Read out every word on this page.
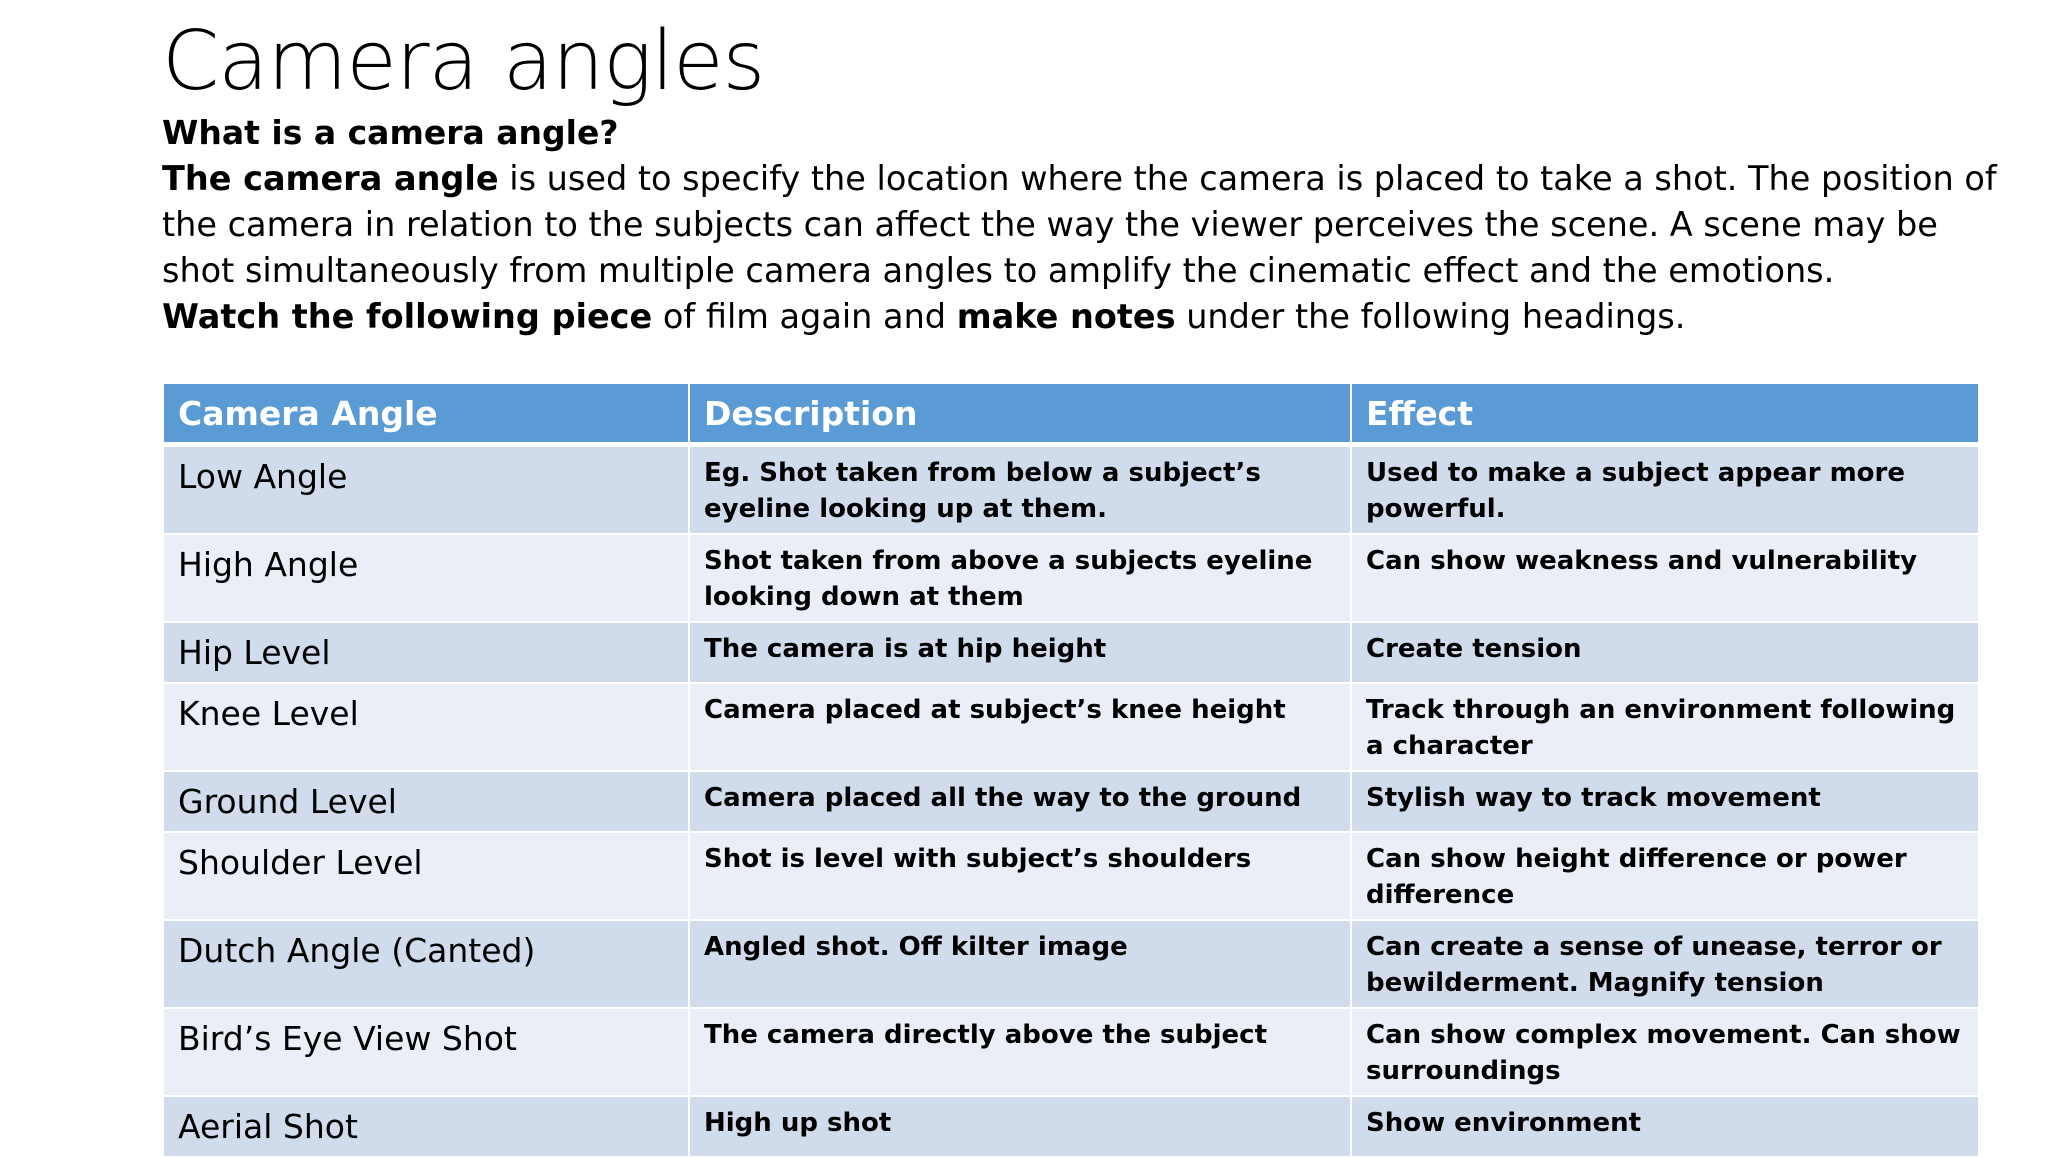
Camera angles

What is a camera angle?

The camera angle is used to specify the location where the camera is placed to take a shot. The position of the camera in relation to the subjects can affect the way the viewer perceives the scene. A scene may be shot simultaneously from multiple camera angles to amplify the cinematic effect and the emotions.

Watch the following piece of film again and make notes under the following headings.

Camera Angle	Description	Effect
Low Angle	Eg. Shot taken from below a subject’s eyeline looking up at them.	Used to make a subject appear more powerful.
High Angle	Shot taken from above a subjects eyeline looking down at them	Can show weakness and vulnerability
Hip Level	The camera is at hip height	Create tension
Knee Level	Camera placed at subject’s knee height	Track through an environment following a character
Ground Level	Camera placed all the way to the ground	Stylish way to track movement
Shoulder Level	Shot is level with subject’s shoulders	Can show height difference or power difference
Dutch Angle (Canted)	Angled shot. Off kilter image	Can create a sense of unease, terror or bewilderment. Magnify tension
Bird’s Eye View Shot	The camera directly above the subject	Can show complex movement. Can show surroundings
Aerial Shot	High up shot	Show environment
